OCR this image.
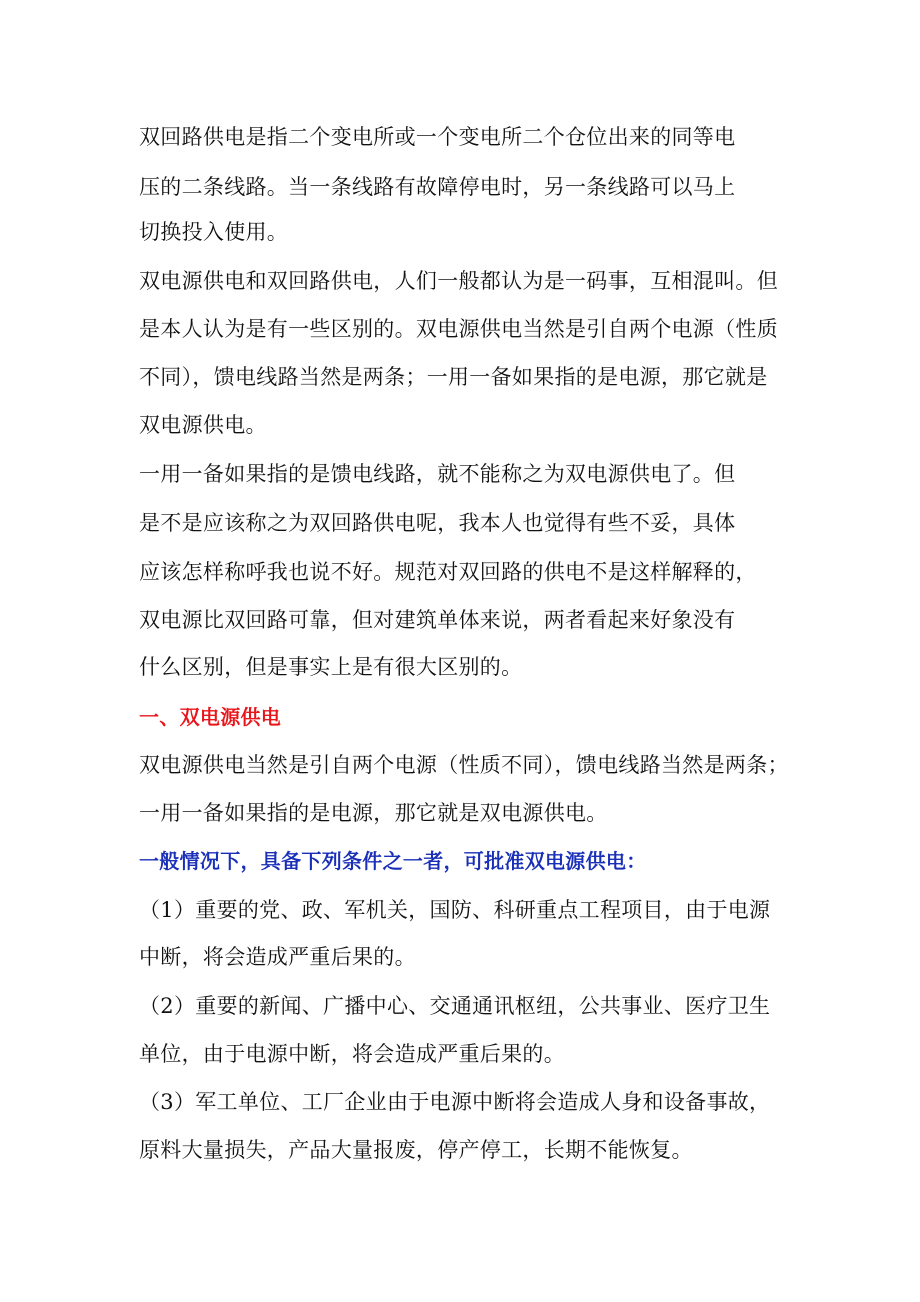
双回路供电是指二个变电所或一个变电所二个仓位出来的同等电
压的二条线路。当一条线路有故障停电时，另一条线路可以马上
切换投入使用。
双电源供电和双回路供电，人们一般都认为是一码事，互相混叫。但
是本人认为是有一些区别的。双电源供电当然是引自两个电源（性质
不同），馈电线路当然是两条；一用一备如果指的是电源，那它就是
双电源供电。
一用一备如果指的是馈电线路，就不能称之为双电源供电了。但
是不是应该称之为双回路供电呢，我本人也觉得有些不妥，具体
应该怎样称呼我也说不好。规范对双回路的供电不是这样解释的，
双电源比双回路可靠，但对建筑单体来说，两者看起来好象没有
什么区别，但是事实上是有很大区别的。
一、双电源供电
双电源供电当然是引自两个电源（性质不同），馈电线路当然是两条；
一用一备如果指的是电源，那它就是双电源供电。
一般情况下，具备下列条件之一者，可批准双电源供电：
（1）重要的党、政、军机关，国防、科研重点工程项目，由于电源
中断，将会造成严重后果的。
（2）重要的新闻、广播中心、交通通讯枢纽，公共事业、医疗卫生
单位，由于电源中断，将会造成严重后果的。
（3）军工单位、工厂企业由于电源中断将会造成人身和设备事故，
原料大量损失，产品大量报废，停产停工，长期不能恢复。
